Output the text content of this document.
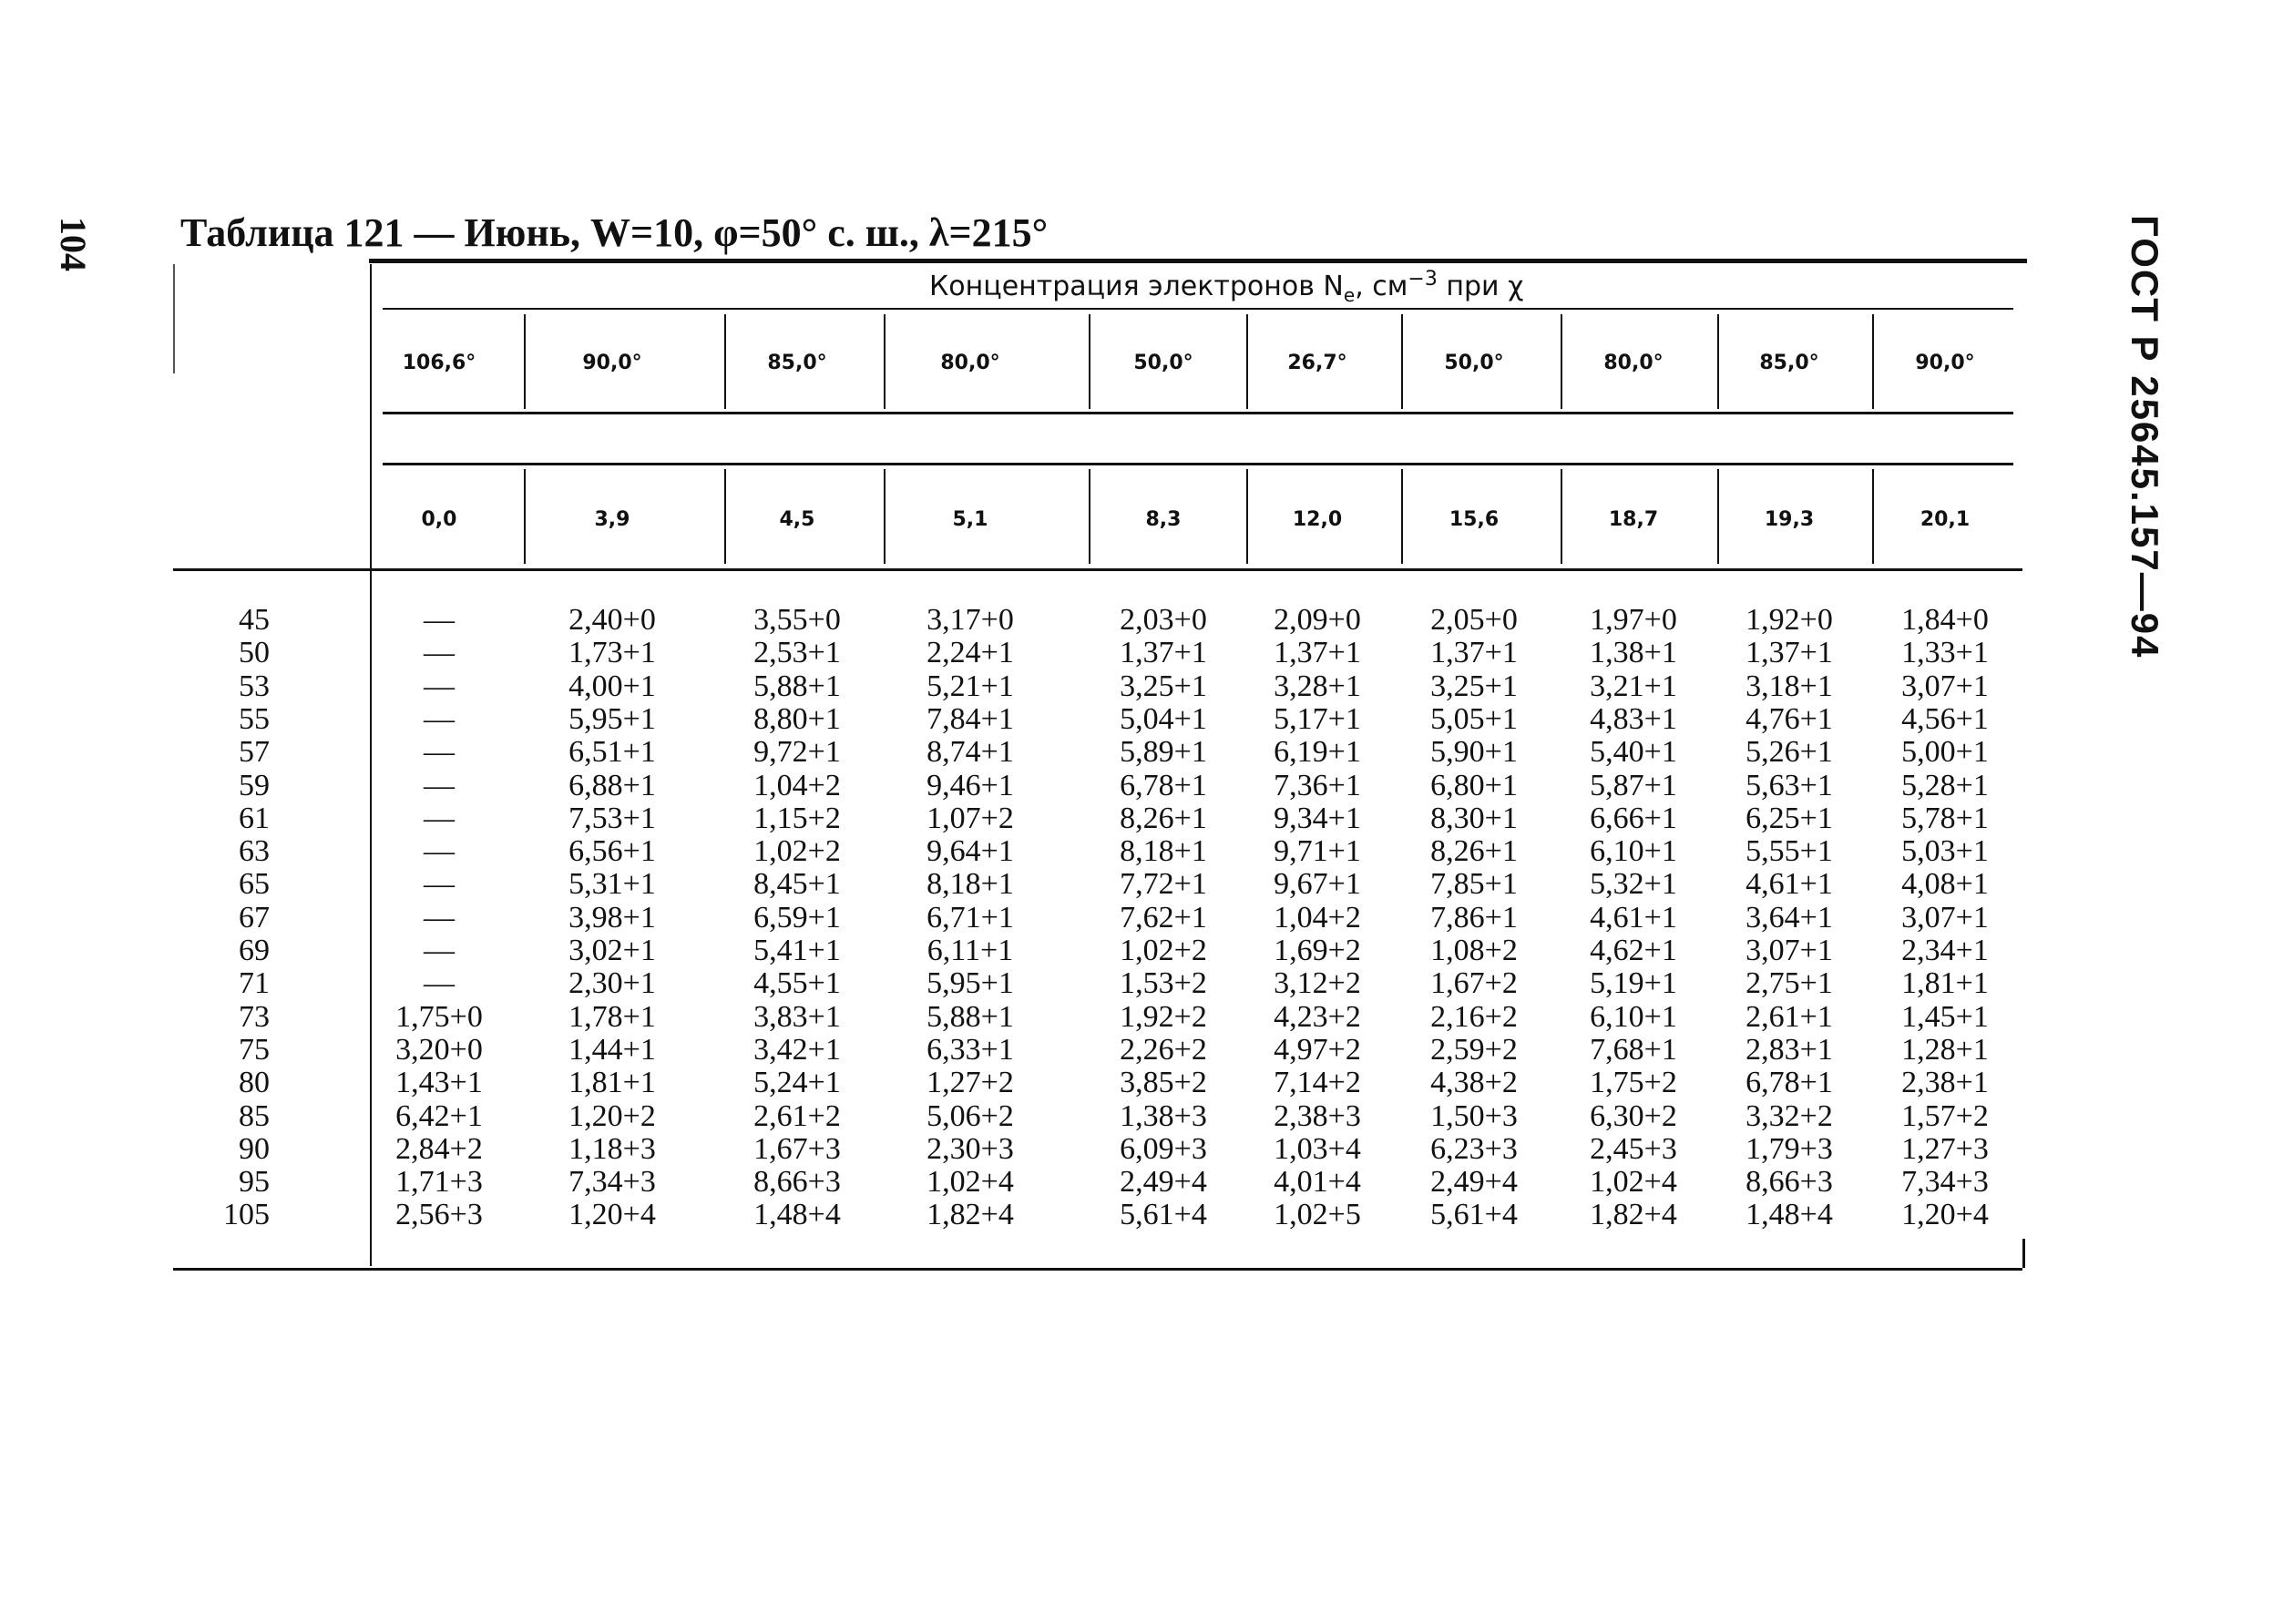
104	ГОСТ Р 25645.157—94
Таблица 121 — Июнь, W=10, φ=50° с. ш., λ=215°
Концентрация электронов $N_e$, $см^{-3}$ при χ
106,6°	90,0°	85,0°	80,0°	50,0°	26,7°	50,0°	80,0°	85,0°	90,0°
0,0	3,9	4,5	5,1	8,3	12,0	15,6	18,7	19,3	20,1
45	—	2,40+0	3,55+0	3,17+0	2,03+0	2,09+0	2,05+0	1,97+0	1,92+0	1,84+0
50	—	1,73+1	2,53+1	2,24+1	1,37+1	1,37+1	1,37+1	1,38+1	1,37+1	1,33+1
53	—	4,00+1	5,88+1	5,21+1	3,25+1	3,28+1	3,25+1	3,21+1	3,18+1	3,07+1
55	—	5,95+1	8,80+1	7,84+1	5,04+1	5,17+1	5,05+1	4,83+1	4,76+1	4,56+1
57	—	6,51+1	9,72+1	8,74+1	5,89+1	6,19+1	5,90+1	5,40+1	5,26+1	5,00+1
59	—	6,88+1	1,04+2	9,46+1	6,78+1	7,36+1	6,80+1	5,87+1	5,63+1	5,28+1
61	—	7,53+1	1,15+2	1,07+2	8,26+1	9,34+1	8,30+1	6,66+1	6,25+1	5,78+1
63	—	6,56+1	1,02+2	9,64+1	8,18+1	9,71+1	8,26+1	6,10+1	5,55+1	5,03+1
65	—	5,31+1	8,45+1	8,18+1	7,72+1	9,67+1	7,85+1	5,32+1	4,61+1	4,08+1
67	—	3,98+1	6,59+1	6,71+1	7,62+1	1,04+2	7,86+1	4,61+1	3,64+1	3,07+1
69	—	3,02+1	5,41+1	6,11+1	1,02+2	1,69+2	1,08+2	4,62+1	3,07+1	2,34+1
71	—	2,30+1	4,55+1	5,95+1	1,53+2	3,12+2	1,67+2	5,19+1	2,75+1	1,81+1
73	1,75+0	1,78+1	3,83+1	5,88+1	1,92+2	4,23+2	2,16+2	6,10+1	2,61+1	1,45+1
75	3,20+0	1,44+1	3,42+1	6,33+1	2,26+2	4,97+2	2,59+2	7,68+1	2,83+1	1,28+1
80	1,43+1	1,81+1	5,24+1	1,27+2	3,85+2	7,14+2	4,38+2	1,75+2	6,78+1	2,38+1
85	6,42+1	1,20+2	2,61+2	5,06+2	1,38+3	2,38+3	1,50+3	6,30+2	3,32+2	1,57+2
90	2,84+2	1,18+3	1,67+3	2,30+3	6,09+3	1,03+4	6,23+3	2,45+3	1,79+3	1,27+3
95	1,71+3	7,34+3	8,66+3	1,02+4	2,49+4	4,01+4	2,49+4	1,02+4	8,66+3	7,34+3
105	2,56+3	1,20+4	1,48+4	1,82+4	5,61+4	1,02+5	5,61+4	1,82+4	1,48+4	1,20+4
